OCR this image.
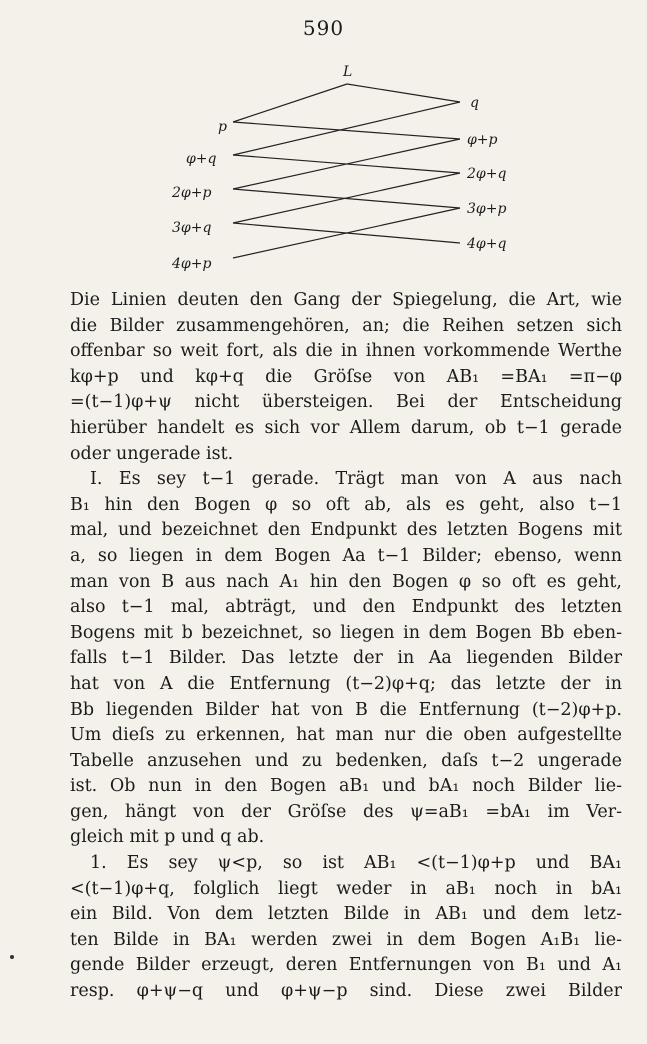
590
L
p
φ+q
2φ+p
3φ+q
4φ+p
q
φ+p
2φ+q
3φ+p
4φ+q
Die Linien deuten den Gang der Spiegelung, die Art, wie
die Bilder zusammengehören, an; die Reihen setzen sich
offenbar so weit fort, als die in ihnen vorkommende Werthe
kφ+p und kφ+q die Gröſse von AB₁ =BA₁ =π−φ
=(t−1)φ+ψ nicht übersteigen. Bei der Entscheidung
hierüber handelt es sich vor Allem darum, ob t−1 gerade
oder ungerade ist.
I. Es sey t−1 gerade. Trägt man von A aus nach
B₁ hin den Bogen φ so oft ab, als es geht, also t−1
mal, und bezeichnet den Endpunkt des letzten Bogens mit
a, so liegen in dem Bogen Aa t−1 Bilder; ebenso, wenn
man von B aus nach A₁ hin den Bogen φ so oft es geht,
also t−1 mal, abträgt, und den Endpunkt des letzten
Bogens mit b bezeichnet, so liegen in dem Bogen Bb eben-
falls t−1 Bilder. Das letzte der in Aa liegenden Bilder
hat von A die Entfernung (t−2)φ+q; das letzte der in
Bb liegenden Bilder hat von B die Entfernung (t−2)φ+p.
Um dieſs zu erkennen, hat man nur die oben aufgestellte
Tabelle anzusehen und zu bedenken, daſs t−2 ungerade
ist. Ob nun in den Bogen aB₁ und bA₁ noch Bilder lie-
gen, hängt von der Gröſse des ψ=aB₁ =bA₁ im Ver-
gleich mit p und q ab.
1. Es sey ψ<p, so ist AB₁ <(t−1)φ+p und BA₁
<(t−1)φ+q, folglich liegt weder in aB₁ noch in bA₁
ein Bild. Von dem letzten Bilde in AB₁ und dem letz-
ten Bilde in BA₁ werden zwei in dem Bogen A₁B₁ lie-
gende Bilder erzeugt, deren Entfernungen von B₁ und A₁
resp. φ+ψ−q und φ+ψ−p sind. Diese zwei Bilder
